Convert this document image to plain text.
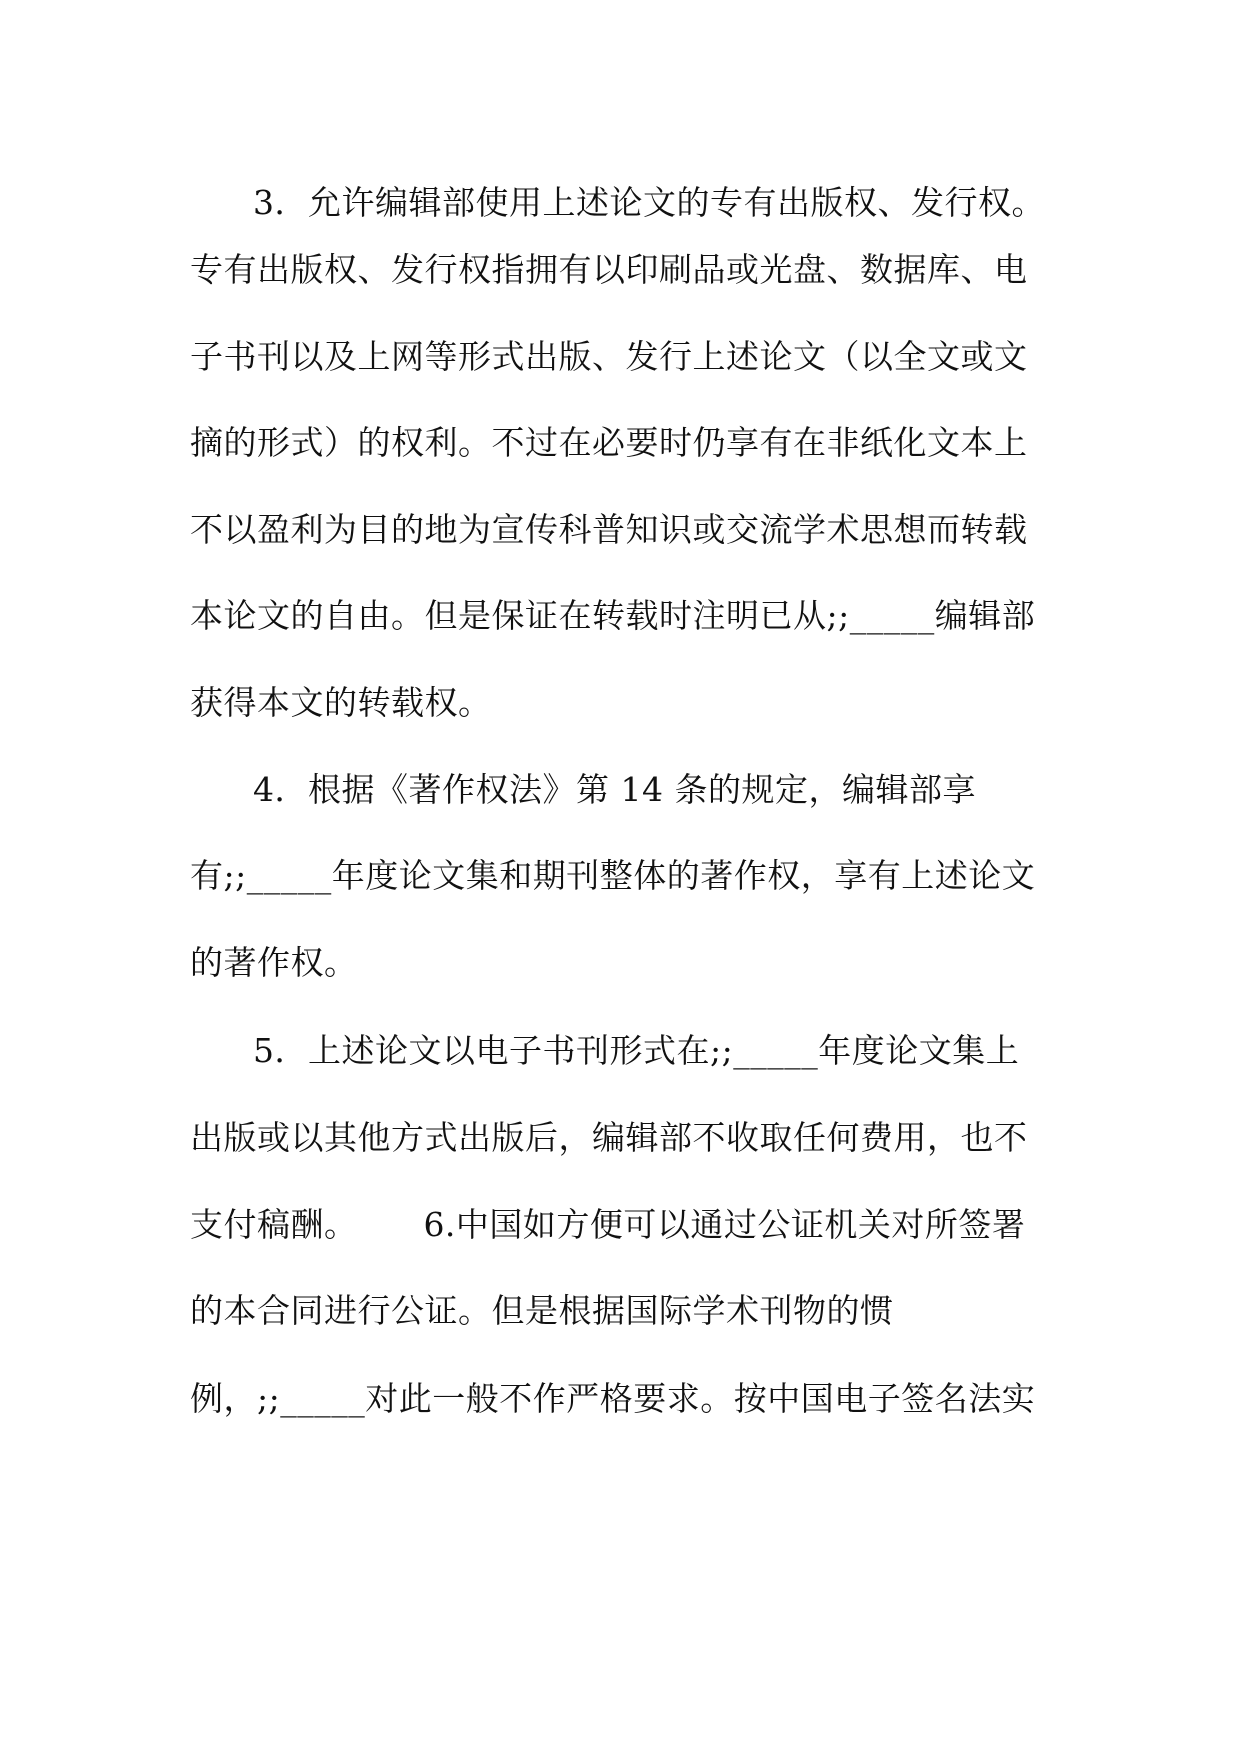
3．允许编辑部使用上述论文的专有出版权、发行权。
专有出版权、发行权指拥有以印刷品或光盘、数据库、电
子书刊以及上网等形式出版、发行上述论文（以全文或文
摘的形式）的权利。不过在必要时仍享有在非纸化文本上
不以盈利为目的地为宣传科普知识或交流学术思想而转载
本论文的自由。但是保证在转载时注明已从;;_____编辑部
获得本文的转载权。
4．根据《著作权法》第 14 条的规定，编辑部享
有;;_____年度论文集和期刊整体的著作权，享有上述论文
的著作权。
5．上述论文以电子书刊形式在;;_____年度论文集上
出版或以其他方式出版后，编辑部不收取任何费用，也不
支付稿酬。      6.中国如方便可以通过公证机关对所签署
的本合同进行公证。但是根据国际学术刊物的惯
例，;;_____对此一般不作严格要求。按中国电子签名法实
